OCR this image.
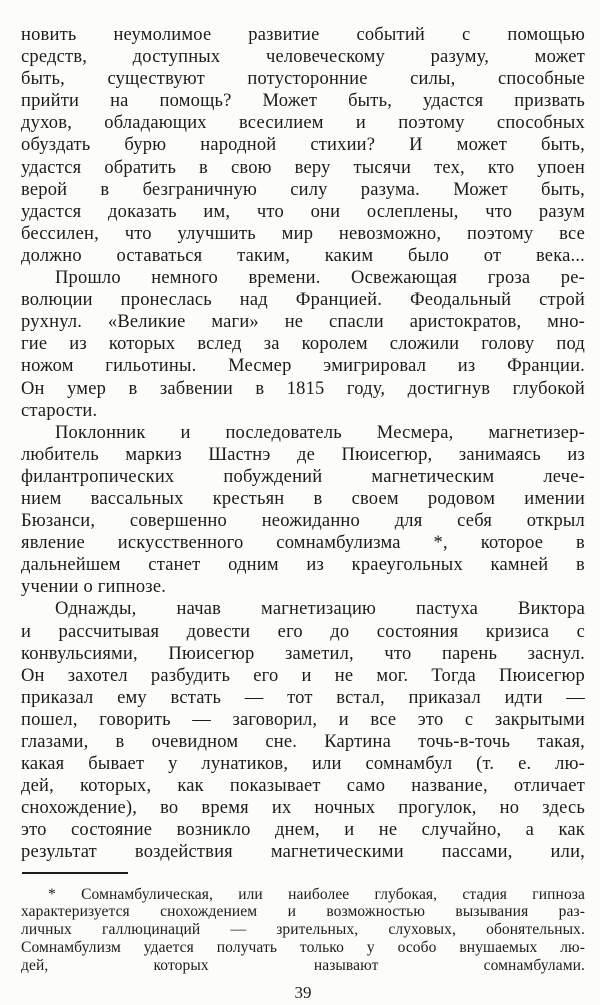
новить неумолимое развитие событий с помощью
средств, доступных человеческому разуму, может
быть, существуют потусторонние силы, способные
прийти на помощь? Может быть, удастся призвать
духов, обладающих всесилием и поэтому способных
обуздать бурю народной стихии? И может быть,
удастся обратить в свою веру тысячи тех, кто упоен
верой в безграничную силу разума. Может быть,
удастся доказать им, что они ослеплены, что разум
бессилен, что улучшить мир невозможно, поэтому все
должно оставаться таким, каким было от века...
Прошло немного времени. Освежающая гроза ре-
волюции пронеслась над Францией. Феодальный строй
рухнул. «Великие маги» не спасли аристократов, мно-
гие из которых вслед за королем сложили голову под
ножом гильотины. Месмер эмигрировал из Франции.
Он умер в забвении в 1815 году, достигнув глубокой
старости.
Поклонник и последователь Месмера, магнетизер-
любитель маркиз Шастнэ де Пюисегюр, занимаясь из
филантропических побуждений магнетическим лече-
нием вассальных крестьян в своем родовом имении
Бюзанси, совершенно неожиданно для себя открыл
явление искусственного сомнамбулизма *, которое в
дальнейшем станет одним из краеугольных камней в
учении о гипнозе.
Однажды, начав магнетизацию пастуха Виктора
и рассчитывая довести его до состояния кризиса с
конвульсиями, Пюисегюр заметил, что парень заснул.
Он захотел разбудить его и не мог. Тогда Пюисегюр
приказал ему встать — тот встал, приказал идти —
пошел, говорить — заговорил, и все это с закрытыми
глазами, в очевидном сне. Картина точь-в-точь такая,
какая бывает у лунатиков, или сомнамбул (т. е. лю-
дей, которых, как показывает само название, отличает
снохождение), во время их ночных прогулок, но здесь
это состояние возникло днем, и не случайно, а как
результат воздействия магнетическими пассами, или,
* Сомнамбулическая, или наиболее глубокая, стадия гипноза
характеризуется снохождением и возможностью вызывания раз-
личных галлюцинаций — зрительных, слуховых, обонятельных.
Сомнамбулизм удается получать только у особо внушаемых лю-
дей, которых называют сомнамбулами.
39
